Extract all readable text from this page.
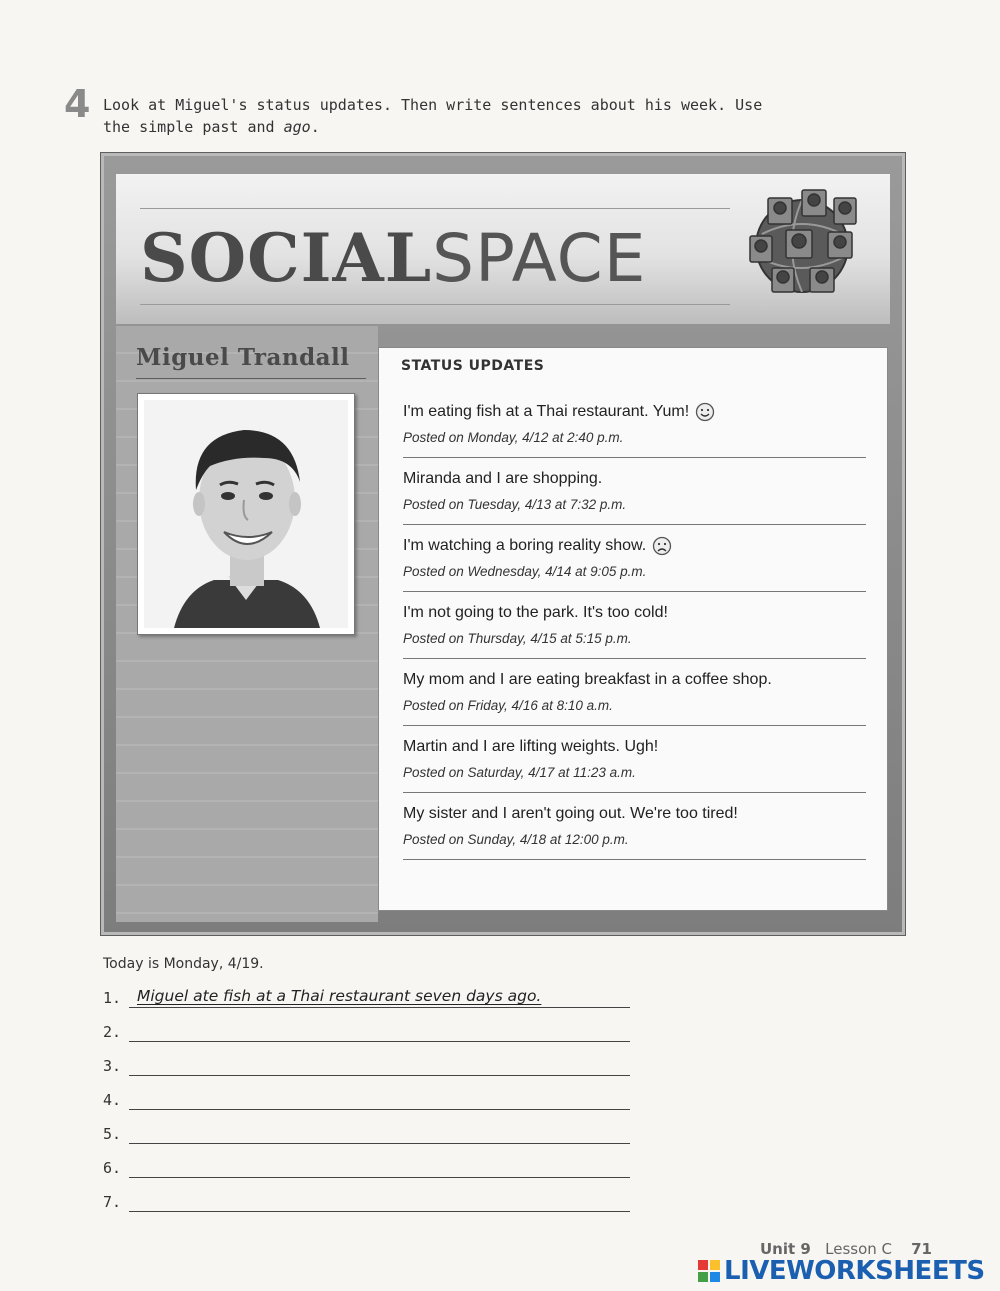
4 Look at Miguel's status updates. Then write sentences about his week. Use the simple past and ago.
SOCIALSPACE
Miguel Trandall	STATUS UPDATES
I'm eating fish at a Thai restaurant. Yum!
Posted on Monday, 4/12 at 2:40 p.m.
Miranda and I are shopping.
Posted on Tuesday, 4/13 at 7:32 p.m.
I'm watching a boring reality show.
Posted on Wednesday, 4/14 at 9:05 p.m.
I'm not going to the park. It's too cold!
Posted on Thursday, 4/15 at 5:15 p.m.
My mom and I are eating breakfast in a coffee shop.
Posted on Friday, 4/16 at 8:10 a.m.
Martin and I are lifting weights. Ugh!
Posted on Saturday, 4/17 at 11:23 a.m.
My sister and I aren't going out. We're too tired!
Posted on Sunday, 4/18 at 12:00 p.m.
Today is Monday, 4/19.
1. Miguel ate fish at a Thai restaurant seven days ago.
2.
3.
4.
5.
6.
7.
Unit 9 Lesson C 71
LIVEWORKSHEETS
